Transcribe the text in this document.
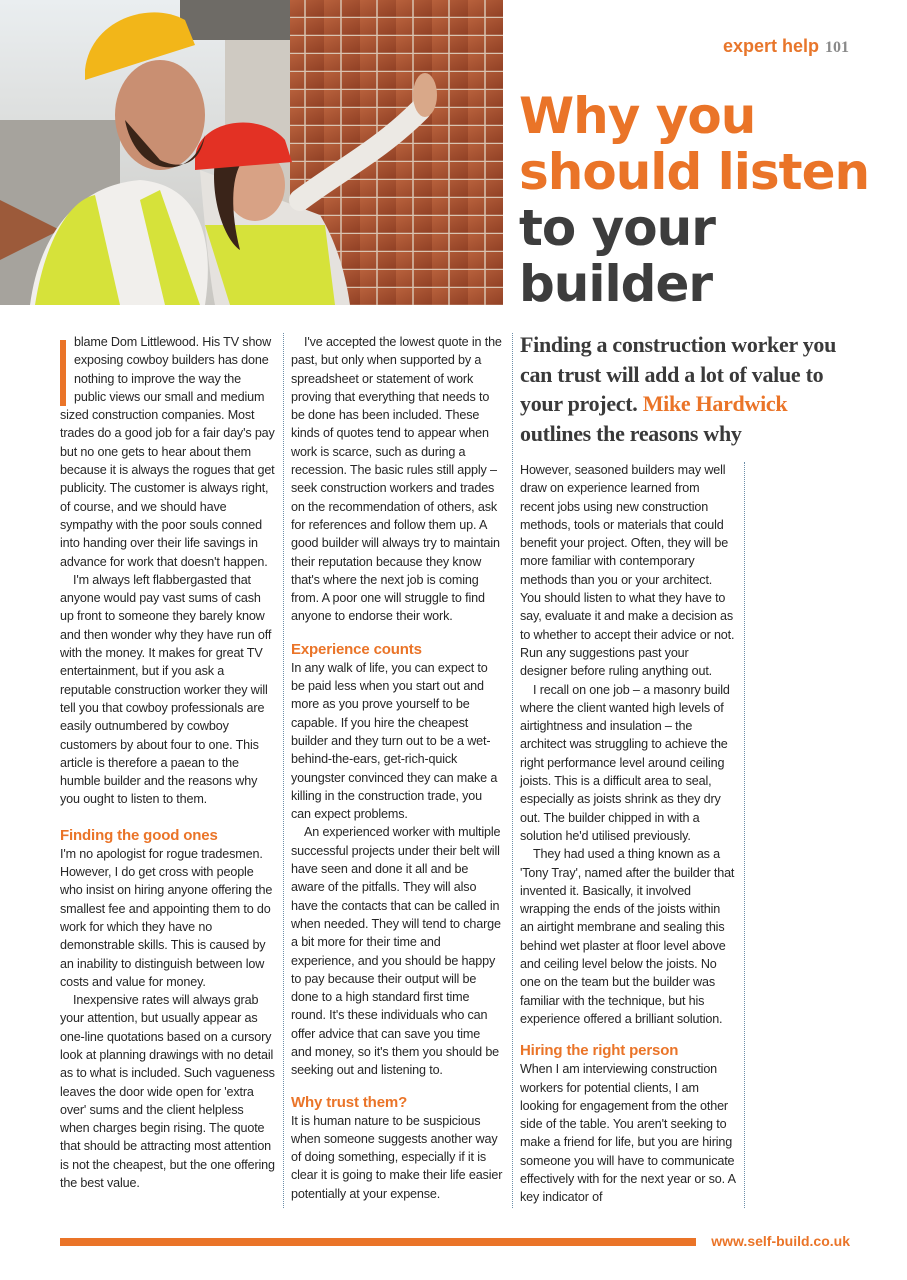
expert help 101
Why you should listen to your builder

Finding a construction worker you can trust will add a lot of value to your project. Mike Hardwick outlines the reasons why

blame Dom Littlewood. His TV show exposing cowboy builders has done nothing to improve the way the public views our small and medium sized construction companies. Most trades do a good job for a fair day's pay but no one gets to hear about them because it is always the rogues that get publicity. The customer is always right, of course, and we should have sympathy with the poor souls conned into handing over their life savings in advance for work that doesn't happen.

I'm always left flabbergasted that anyone would pay vast sums of cash up front to someone they barely know and then wonder why they have run off with the money. It makes for great TV entertainment, but if you ask a reputable construction worker they will tell you that cowboy professionals are easily outnumbered by cowboy customers by about four to one. This article is therefore a paean to the humble builder and the reasons why you ought to listen to them.

Finding the good ones

I'm no apologist for rogue tradesmen. However, I do get cross with people who insist on hiring anyone offering the smallest fee and appointing them to do work for which they have no demonstrable skills. This is caused by an inability to distinguish between low costs and value for money.

Inexpensive rates will always grab your attention, but usually appear as one-line quotations based on a cursory look at planning drawings with no detail as to what is included. Such vagueness leaves the door wide open for 'extra over' sums and the client helpless when charges begin rising. The quote that should be attracting most attention is not the cheapest, but the one offering the best value.

I've accepted the lowest quote in the past, but only when supported by a spreadsheet or statement of work proving that everything that needs to be done has been included. These kinds of quotes tend to appear when work is scarce, such as during a recession. The basic rules still apply – seek construction workers and trades on the recommendation of others, ask for references and follow them up. A good builder will always try to maintain their reputation because they know that's where the next job is coming from. A poor one will struggle to find anyone to endorse their work.

Experience counts

In any walk of life, you can expect to be paid less when you start out and more as you prove yourself to be capable. If you hire the cheapest builder and they turn out to be a wet-behind-the-ears, get-rich-quick youngster convinced they can make a killing in the construction trade, you can expect problems.

An experienced worker with multiple successful projects under their belt will have seen and done it all and be aware of the pitfalls. They will also have the contacts that can be called in when needed. They will tend to charge a bit more for their time and experience, and you should be happy to pay because their output will be done to a high standard first time round. It's these individuals who can offer advice that can save you time and money, so it's them you should be seeking out and listening to.

Why trust them?

It is human nature to be suspicious when someone suggests another way of doing something, especially if it is clear it is going to make their life easier potentially at your expense.

However, seasoned builders may well draw on experience learned from recent jobs using new construction methods, tools or materials that could benefit your project. Often, they will be more familiar with contemporary methods than you or your architect. You should listen to what they have to say, evaluate it and make a decision as to whether to accept their advice or not. Run any suggestions past your designer before ruling anything out.

I recall on one job – a masonry build where the client wanted high levels of airtightness and insulation – the architect was struggling to achieve the right performance level around ceiling joists. This is a difficult area to seal, especially as joists shrink as they dry out. The builder chipped in with a solution he'd utilised previously.

They had used a thing known as a 'Tony Tray', named after the builder that invented it. Basically, it involved wrapping the ends of the joists within an airtight membrane and sealing this behind wet plaster at floor level above and ceiling level below the joists. No one on the team but the builder was familiar with the technique, but his experience offered a brilliant solution.

Hiring the right person

When I am interviewing construction workers for potential clients, I am looking for engagement from the other side of the table. You aren't seeking to make a friend for life, but you are hiring someone you will have to communicate effectively with for the next year or so. A key indicator of

www.self-build.co.uk
